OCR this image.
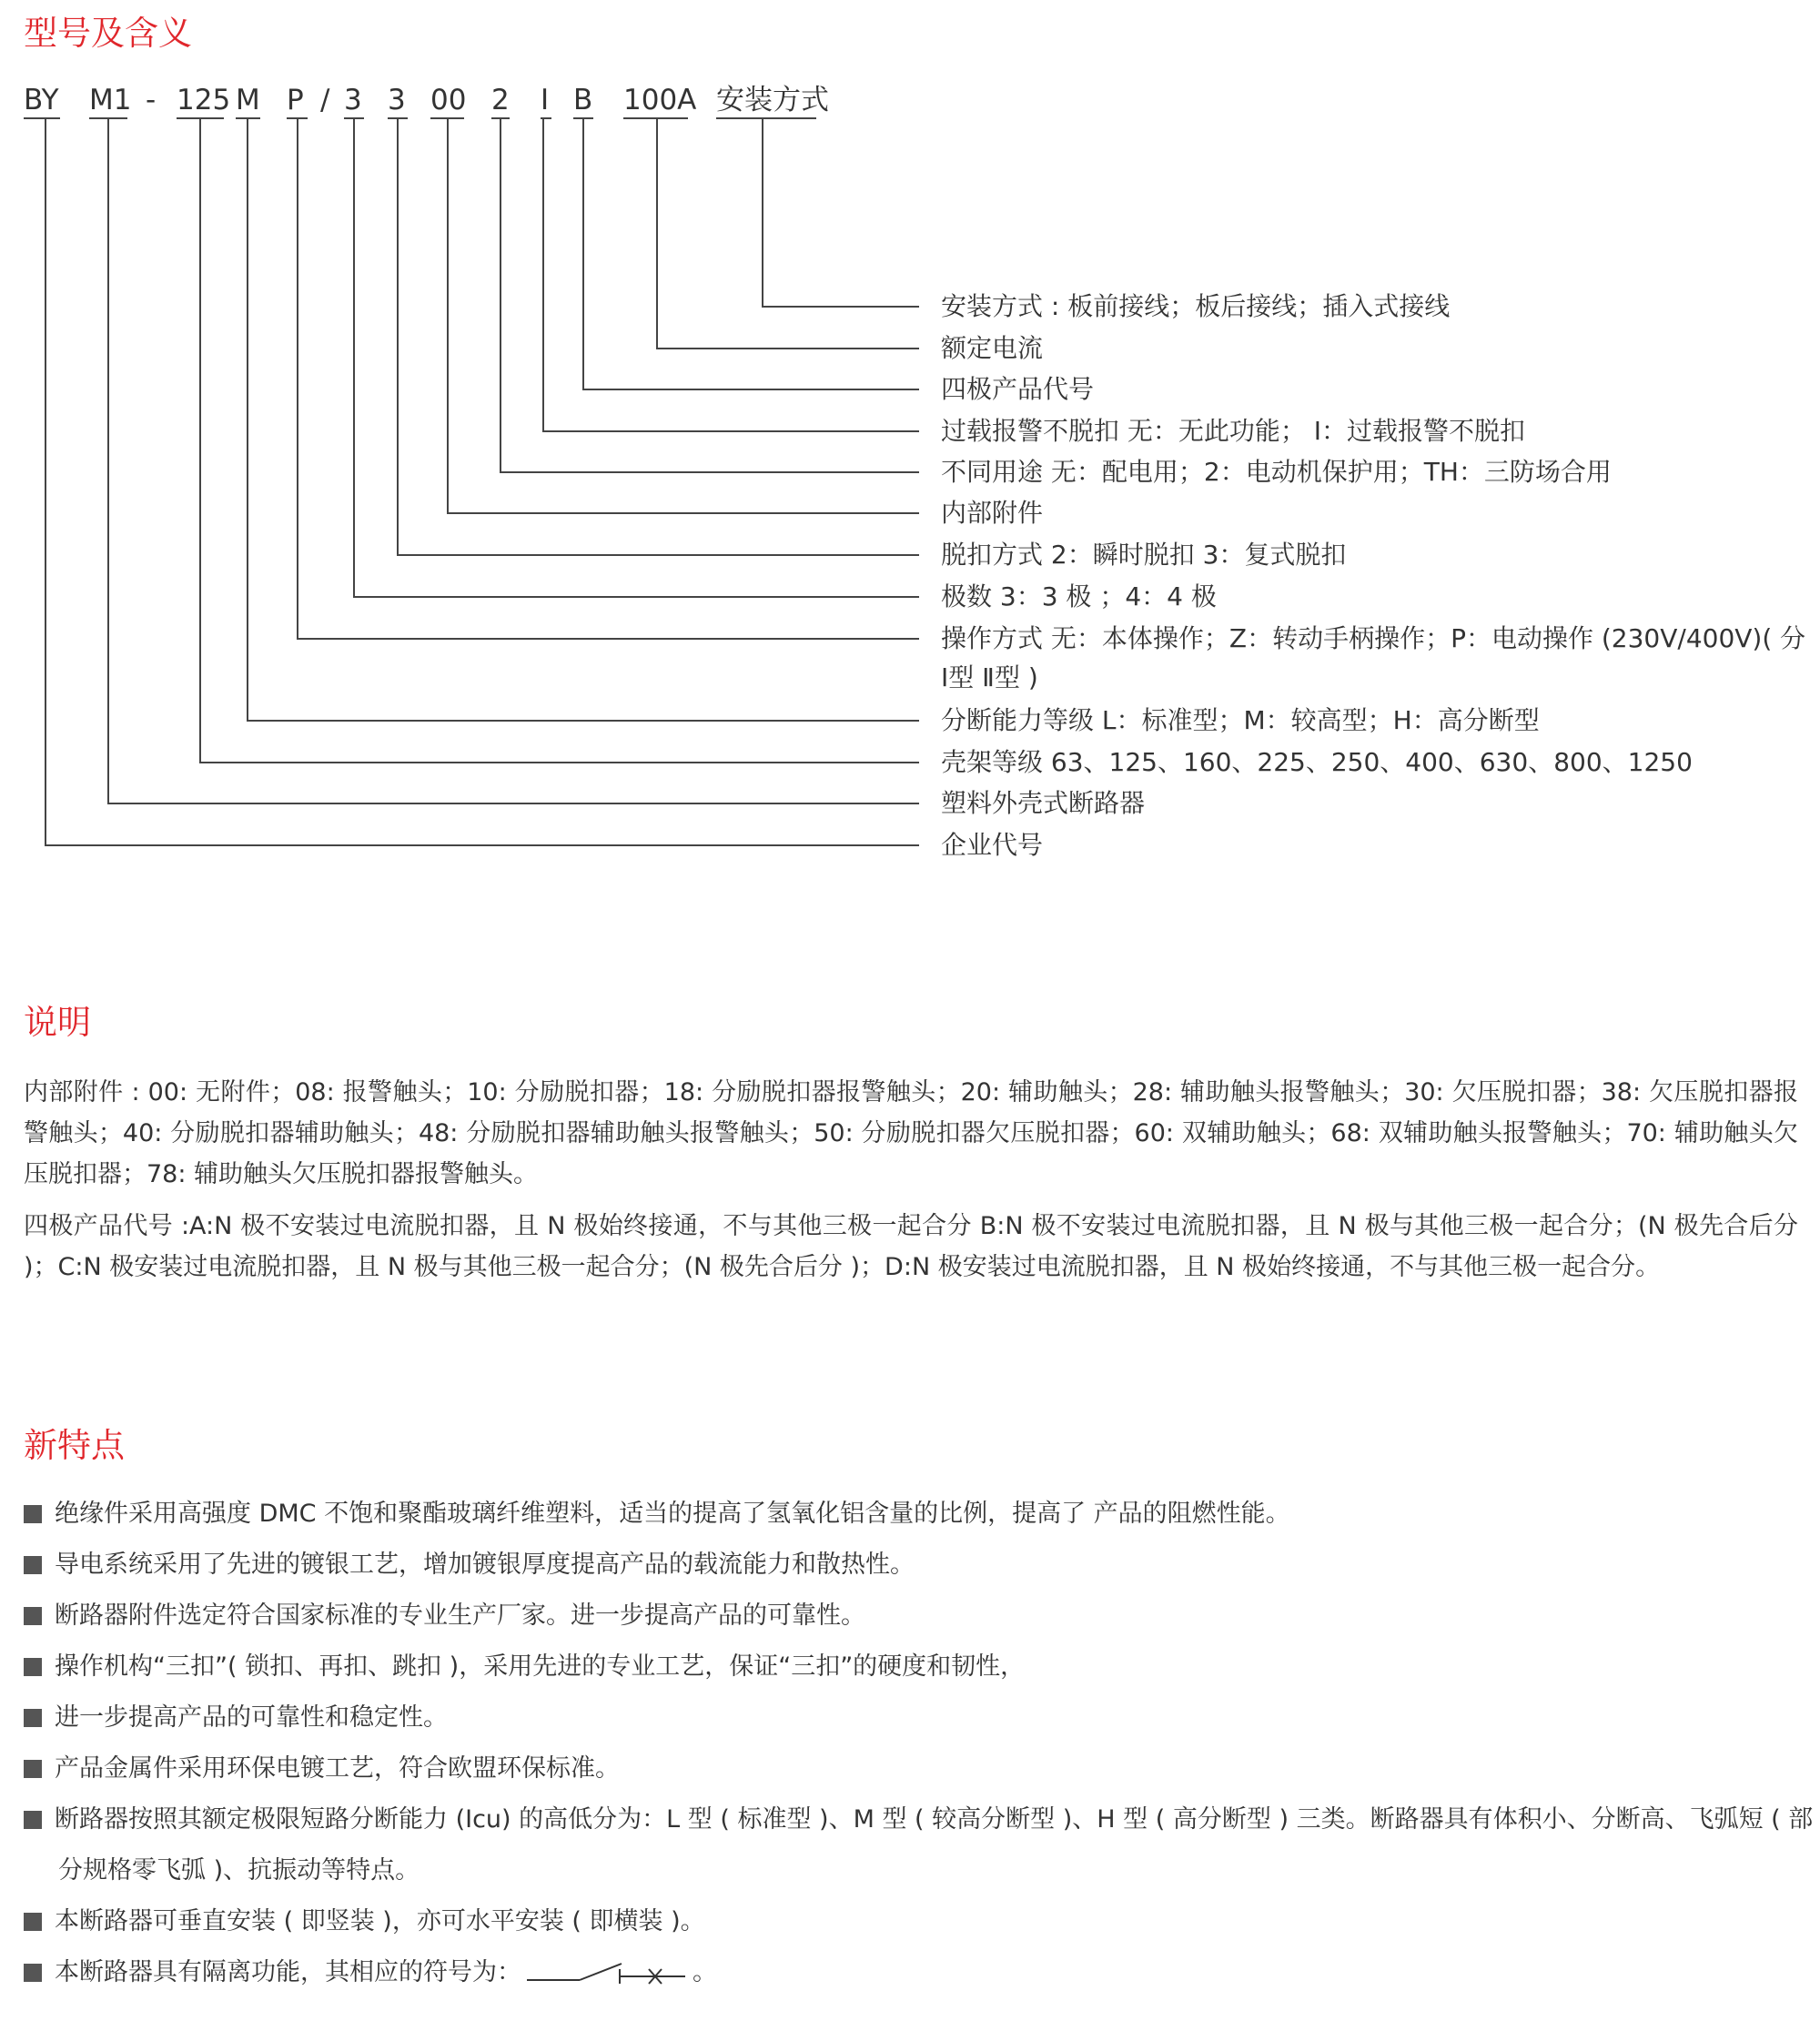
型号及含义
BY M1 - 125 M P / 3 3 00 2 I B 100A 安装方式
安装方式 : 板前接线；板后接线；插入式接线
额定电流
四极产品代号
过载报警不脱扣 无：无此功能； Ⅰ：过载报警不脱扣
不同用途 无：配电用；2：电动机保护用；TH：三防场合用
内部附件
脱扣方式 2：瞬时脱扣 3：复式脱扣
极数 3：3 极 ；4：4 极
操作方式 无：本体操作；Z：转动手柄操作；P：电动操作 (230V/400V)( 分
Ⅰ型 Ⅱ型 )
分断能力等级 L：标准型；M：较高型；H：高分断型
壳架等级 63、125、160、225、250、400、630、800、1250
塑料外壳式断路器
企业代号
说明
内部附件 : 00: 无附件；08: 报警触头；10: 分励脱扣器；18: 分励脱扣器报警触头；20: 辅助触头；28: 辅助触头报警触头；30: 欠压脱扣器；38: 欠压脱扣器报警触头；40: 分励脱扣器辅助触头；48: 分励脱扣器辅助触头报警触头；50: 分励脱扣器欠压脱扣器；60: 双辅助触头；68: 双辅助触头报警触头；70: 辅助触头欠压脱扣器；78: 辅助触头欠压脱扣器报警触头。
四极产品代号 :A:N 极不安装过电流脱扣器，且 N 极始终接通，不与其他三极一起合分 B:N 极不安装过电流脱扣器，且 N 极与其他三极一起合分；(N 极先合后分 )；C:N 极安装过电流脱扣器，且 N 极与其他三极一起合分；(N 极先合后分 )；D:N 极安装过电流脱扣器，且 N 极始终接通，不与其他三极一起合分。
新特点
绝缘件采用高强度 DMC 不饱和聚酯玻璃纤维塑料，适当的提高了氢氧化铝含量的比例，提高了 产品的阻燃性能。
导电系统采用了先进的镀银工艺，增加镀银厚度提高产品的载流能力和散热性。
断路器附件选定符合国家标准的专业生产厂家。进一步提高产品的可靠性。
操作机构“三扣”( 锁扣、再扣、跳扣 )，采用先进的专业工艺，保证“三扣”的硬度和韧性，
进一步提高产品的可靠性和稳定性。
产品金属件采用环保电镀工艺，符合欧盟环保标准。
断路器按照其额定极限短路分断能力 (Icu) 的高低分为：L 型 ( 标准型 )、M 型 ( 较高分断型 )、H 型 ( 高分断型 ) 三类。断路器具有体积小、分断高、飞弧短 ( 部
分规格零飞弧 )、抗振动等特点。
本断路器可垂直安装 ( 即竖装 )，亦可水平安装 ( 即横装 )。
本断路器具有隔离功能，其相应的符号为：	。
